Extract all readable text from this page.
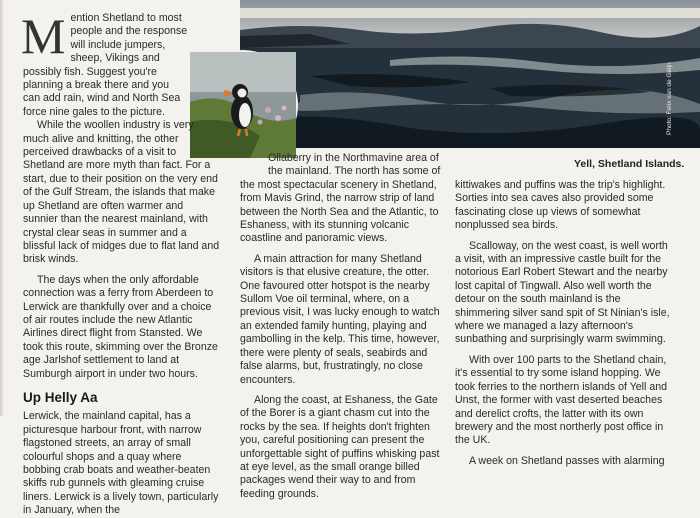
Photo: Felix van de Geijn
Yell, Shetland Islands.

Mention Shetland to most people and the response will include jumpers, sheep, Vikings and possibly fish. Suggest you're planning a break there and you can add rain, wind and North Sea force nine gales to the picture.

While the woollen industry is very much alive and knitting, the other perceived drawbacks of a visit to Shetland are more myth than fact. For a start, due to their position on the very end of the Gulf Stream, the islands that make up Shetland are often warmer and sunnier than the nearest mainland, with crystal clear seas in summer and a blissful lack of midges due to flat land and brisk winds.

The days when the only affordable connection was a ferry from Aberdeen to Lerwick are thankfully over and a choice of air routes include the new Atlantic Airlines direct flight from Stansted. We took this route, skimming over the Bronze age Jarlshof settlement to land at Sumburgh airport in under two hours.

Up Helly Aa

Lerwick, the mainland capital, has a picturesque harbour front, with narrow flagstoned streets, an array of small colourful shops and a quay where bobbing crab boats and weather-beaten skiffs rub gunnels with gleaming cruise liners. Lerwick is a lively town, particularly in January, when the

Ollaberry in the Northmavine area of the mainland. The north has some of the most spectacular scenery in Shetland, from Mavis Grind, the narrow strip of land between the North Sea and the Atlantic, to Eshaness, with its stunning volcanic coastline and panoramic views.

A main attraction for many Shetland visitors is that elusive creature, the otter. One favoured otter hotspot is the nearby Sullom Voe oil terminal, where, on a previous visit, I was lucky enough to watch an extended family hunting, playing and gambolling in the kelp. This time, however, there were plenty of seals, seabirds and false alarms, but, frustratingly, no close encounters.

Along the coast, at Eshaness, the Gate of the Borer is a giant chasm cut into the rocks by the sea. If heights don't frighten you, careful positioning can present the unforgettable sight of puffins whisking past at eye level, as the small orange billed packages wend their way to and from feeding grounds.

kittiwakes and puffins was the trip's highlight. Sorties into sea caves also provided some fascinating close up views of somewhat nonplussed sea birds.

Scalloway, on the west coast, is well worth a visit, with an impressive castle built for the notorious Earl Robert Stewart and the nearby lost capital of Tingwall. Also well worth the detour on the south mainland is the shimmering silver sand spit of St Ninian's isle, where we managed a lazy afternoon's sunbathing and surprisingly warm swimming.

With over 100 parts to the Shetland chain, it's essential to try some island hopping. We took ferries to the northern islands of Yell and Unst, the former with vast deserted beaches and derelict crofts, the latter with its own brewery and the most northerly post office in the UK.

A week on Shetland passes with alarming
